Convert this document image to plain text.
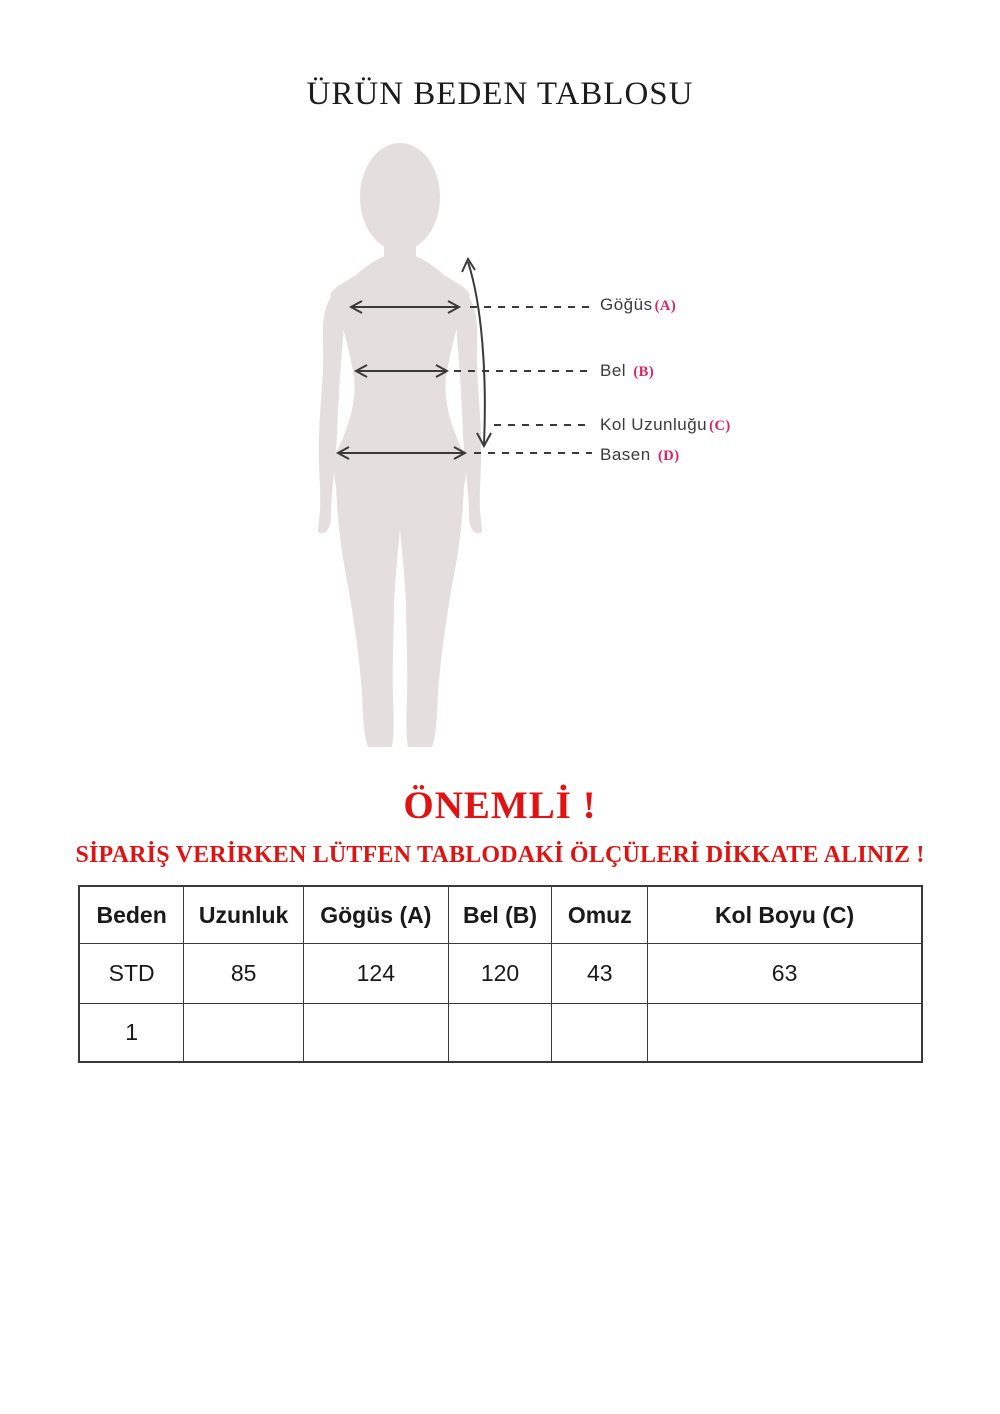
ÜRÜN BEDEN TABLOSU
Göğüs (A)
Bel (B)
Kol Uzunluğu (C)
Basen (D)
ÖNEMLİ !
SİPARİŞ VERİRKEN LÜTFEN TABLODAKİ ÖLÇÜLERİ DİKKATE ALINIZ !
Beden	Uzunluk	Gögüs (A)	Bel (B)	Omuz	Kol Boyu (C)
STD	85	124	120	43	63
1					
